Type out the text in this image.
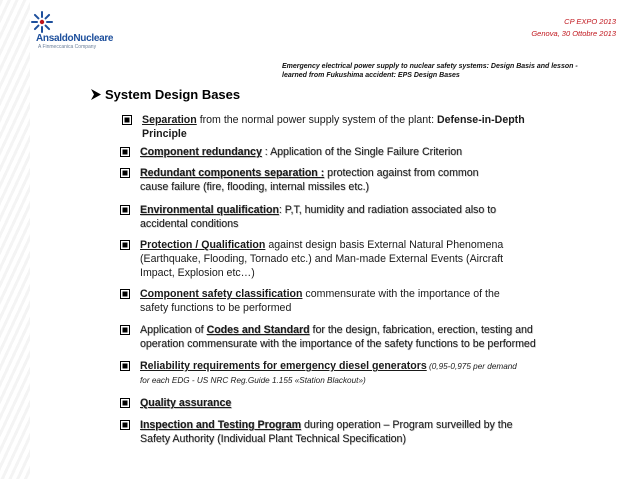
AnsaldoNucleare
A Finmeccanica Company
CP EXPO 2013
Genova, 30 Ottobre 2013
Emergency electrical power supply to nuclear safety systems: Design Basis and lesson -
learned from Fukushima accident: EPS Design Bases
System Design Bases
Separation from the normal power supply system of the plant: Defense-in-Depth
Principle
Component redundancy : Application of the Single Failure Criterion
Redundant components separation : protection against from common
cause failure (fire, flooding, internal missiles etc.)
Environmental qualification: P,T, humidity and radiation associated also to
accidental conditions
Protection / Qualification against design basis External Natural Phenomena
(Earthquake, Flooding, Tornado etc.) and Man-made External Events (Aircraft
Impact, Explosion etc…)
Component safety classification commensurate with the importance of the
safety functions to be performed
Application of Codes and Standard for the design, fabrication, erection, testing and
operation commensurate with the importance of the safety functions to be performed
Reliability requirements for emergency diesel generators (0,95-0,975 per demand
for each EDG - US NRC Reg.Guide 1.155 «Station Blackout»)
Quality assurance
Inspection and Testing Program during operation – Program surveilled by the
Safety Authority (Individual Plant Technical Specification)
